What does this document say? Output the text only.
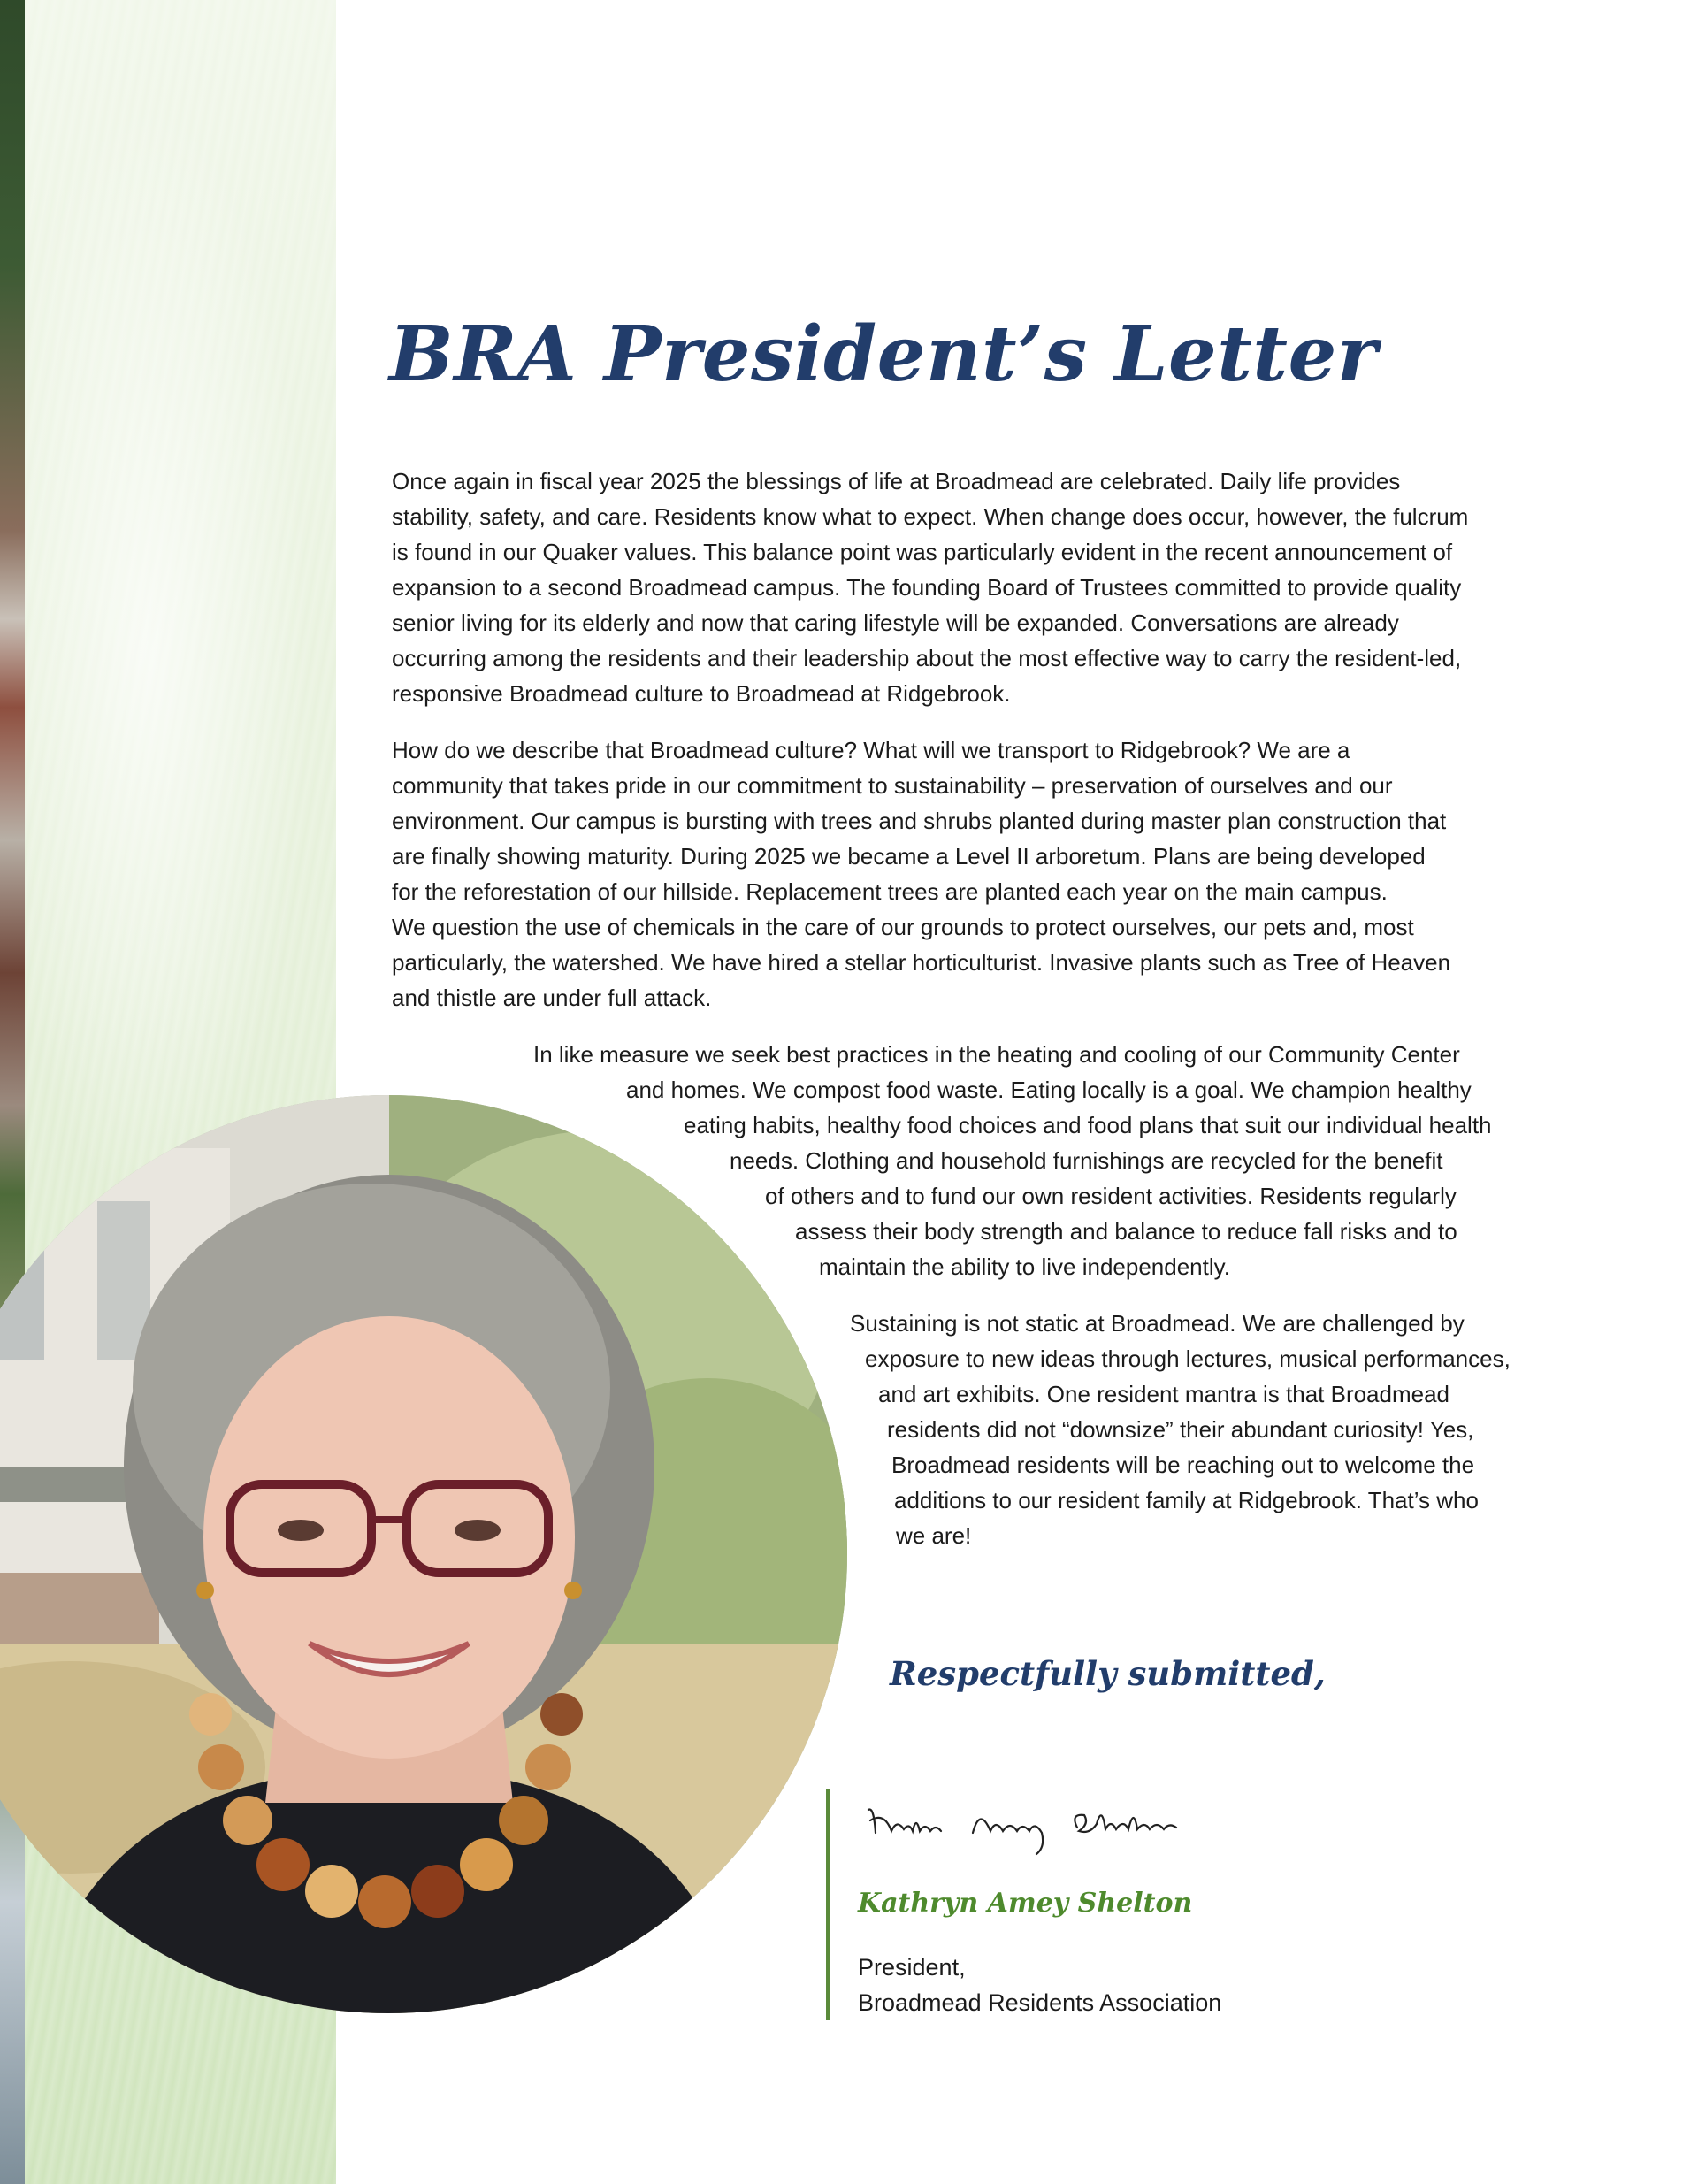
BRA President’s Letter
Once again in fiscal year 2025 the blessings of life at Broadmead are celebrated. Daily life provides
stability, safety, and care. Residents know what to expect. When change does occur, however, the fulcrum
is found in our Quaker values. This balance point was particularly evident in the recent announcement of
expansion to a second Broadmead campus. The founding Board of Trustees committed to provide quality
senior living for its elderly and now that caring lifestyle will be expanded. Conversations are already
occurring among the residents and their leadership about the most effective way to carry the resident-led,
responsive Broadmead culture to Broadmead at Ridgebrook.
How do we describe that Broadmead culture? What will we transport to Ridgebrook? We are a
community that takes pride in our commitment to sustainability – preservation of ourselves and our
environment. Our campus is bursting with trees and shrubs planted during master plan construction that
are finally showing maturity. During 2025 we became a Level II arboretum. Plans are being developed
for the reforestation of our hillside. Replacement trees are planted each year on the main campus.
We question the use of chemicals in the care of our grounds to protect ourselves, our pets and, most
particularly, the watershed. We have hired a stellar horticulturist. Invasive plants such as Tree of Heaven
and thistle are under full attack.
In like measure we seek best practices in the heating and cooling of our Community Center
and homes. We compost food waste. Eating locally is a goal. We champion healthy
eating habits, healthy food choices and food plans that suit our individual health
needs. Clothing and household furnishings are recycled for the benefit
of others and to fund our own resident activities. Residents regularly
assess their body strength and balance to reduce fall risks and to
maintain the ability to live independently.
Sustaining is not static at Broadmead. We are challenged by
exposure to new ideas through lectures, musical performances,
and art exhibits. One resident mantra is that Broadmead
residents did not “downsize” their abundant curiosity! Yes,
Broadmead residents will be reaching out to welcome the
additions to our resident family at Ridgebrook. That’s who
we are!

Respectfully submitted,

Kathryn Amey Shelton

President,
Broadmead Residents Association
